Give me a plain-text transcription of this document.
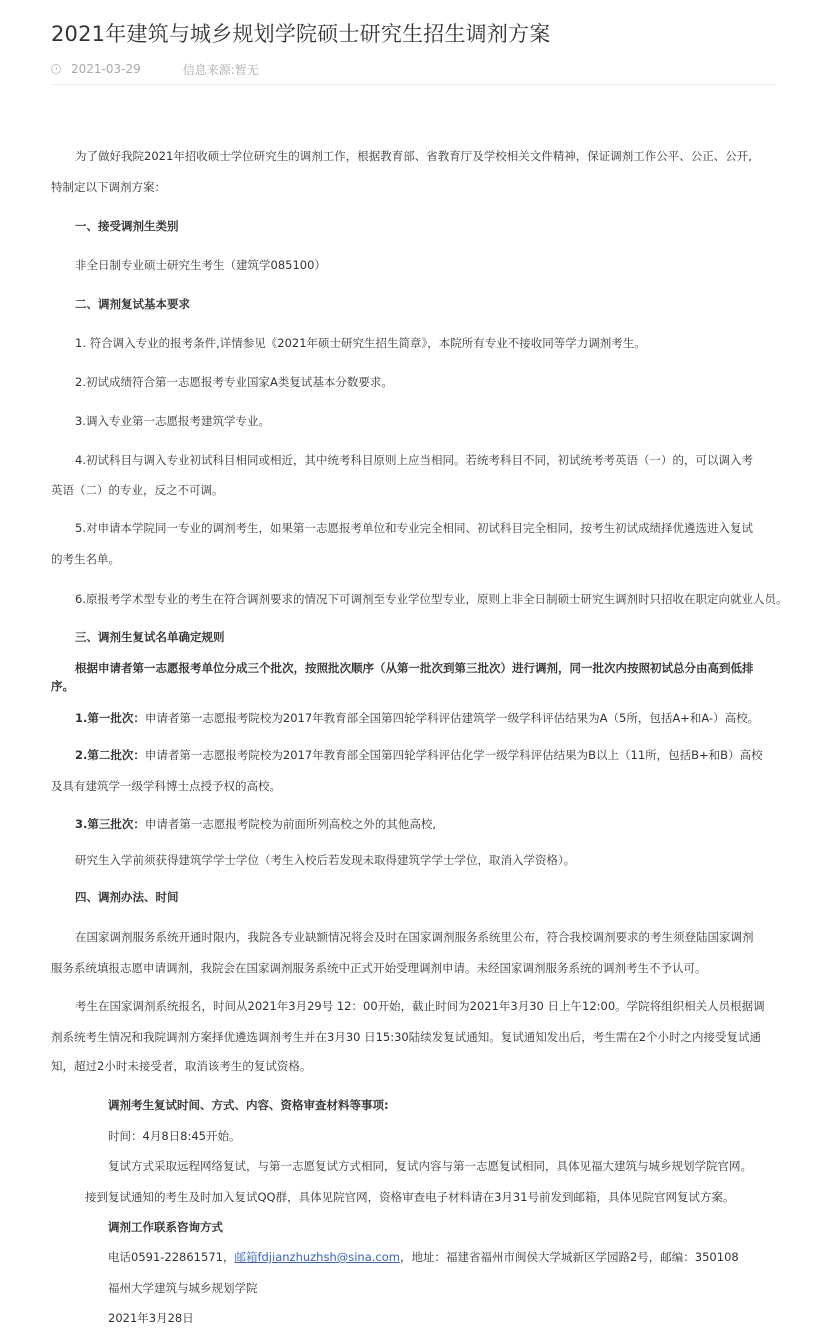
2021年建筑与城乡规划学院硕士研究生招生调剂方案
2021-03-29	信息来源:暂无
为了做好我院2021年招收硕士学位研究生的调剂工作，根据教育部、省教育厅及学校相关文件精神，保证调剂工作公平、公正、公开,
特制定以下调剂方案：
一、接受调剂生类别
非全日制专业硕士研究生考生（建筑学085100）
二、调剂复试基本要求
1. 符合调入专业的报考条件,详情参见《2021年硕士研究生招生简章》，本院所有专业不接收同等学力调剂考生。
2.初试成绩符合第一志愿报考专业国家A类复试基本分数要求。
3.调入专业第一志愿报考建筑学专业。
4.初试科目与调入专业初试科目相同或相近，其中统考科目原则上应当相同。若统考科目不同，初试统考考英语（一）的，可以调入考
英语（二）的专业，反之不可调。
5.对申请本学院同一专业的调剂考生，如果第一志愿报考单位和专业完全相同、初试科目完全相同，按考生初试成绩择优遴选进入复试
的考生名单。
6.原报考学术型专业的考生在符合调剂要求的情况下可调剂至专业学位型专业，原则上非全日制硕士研究生调剂时只招收在职定向就业人员。
三、调剂生复试名单确定规则
根据申请者第一志愿报考单位分成三个批次，按照批次顺序（从第一批次到第三批次）进行调剂，同一批次内按照初试总分由高到低排
序。
1.第一批次：申请者第一志愿报考院校为2017年教育部全国第四轮学科评估建筑学一级学科评估结果为A（5所，包括A+和A-）高校。
2.第二批次：申请者第一志愿报考院校为2017年教育部全国第四轮学科评估化学一级学科评估结果为B以上（11所，包括B+和B）高校
及具有建筑学一级学科博士点授予权的高校。
3.第三批次：申请者第一志愿报考院校为前面所列高校之外的其他高校,
研究生入学前须获得建筑学学士学位（考生入校后若发现未取得建筑学学士学位，取消入学资格）。
四、调剂办法、时间
在国家调剂服务系统开通时限内，我院各专业缺额情况将会及时在国家调剂服务系统里公布，符合我校调剂要求的考生须登陆国家调剂
服务系统填报志愿申请调剂，我院会在国家调剂服务系统中正式开始受理调剂申请。未经国家调剂服务系统的调剂考生不予认可。
考生在国家调剂系统报名，时间从2021年3月29号 12：00开始，截止时间为2021年3月30 日上午12:00。学院将组织相关人员根据调
剂系统考生情况和我院调剂方案择优遴选调剂考生并在3月30 日15:30陆续发复试通知。复试通知发出后，考生需在2个小时之内接受复试通
知，超过2小时未接受者，取消该考生的复试资格。
调剂考生复试时间、方式、内容、资格审查材料等事项:
时间：4月8日8:45开始。
复试方式采取远程网络复试，与第一志愿复试方式相同，复试内容与第一志愿复试相同，具体见福大建筑与城乡规划学院官网。
接到复试通知的考生及时加入复试QQ群，具体见院官网，资格审查电子材料请在3月31号前发到邮箱，具体见院官网复试方案。
调剂工作联系咨询方式
电话0591-22861571，邮箱fdjianzhuzhsh@sina.com，地址：福建省福州市闽侯大学城新区学园路2号，邮编：350108
福州大学建筑与城乡规划学院
2021年3月28日
